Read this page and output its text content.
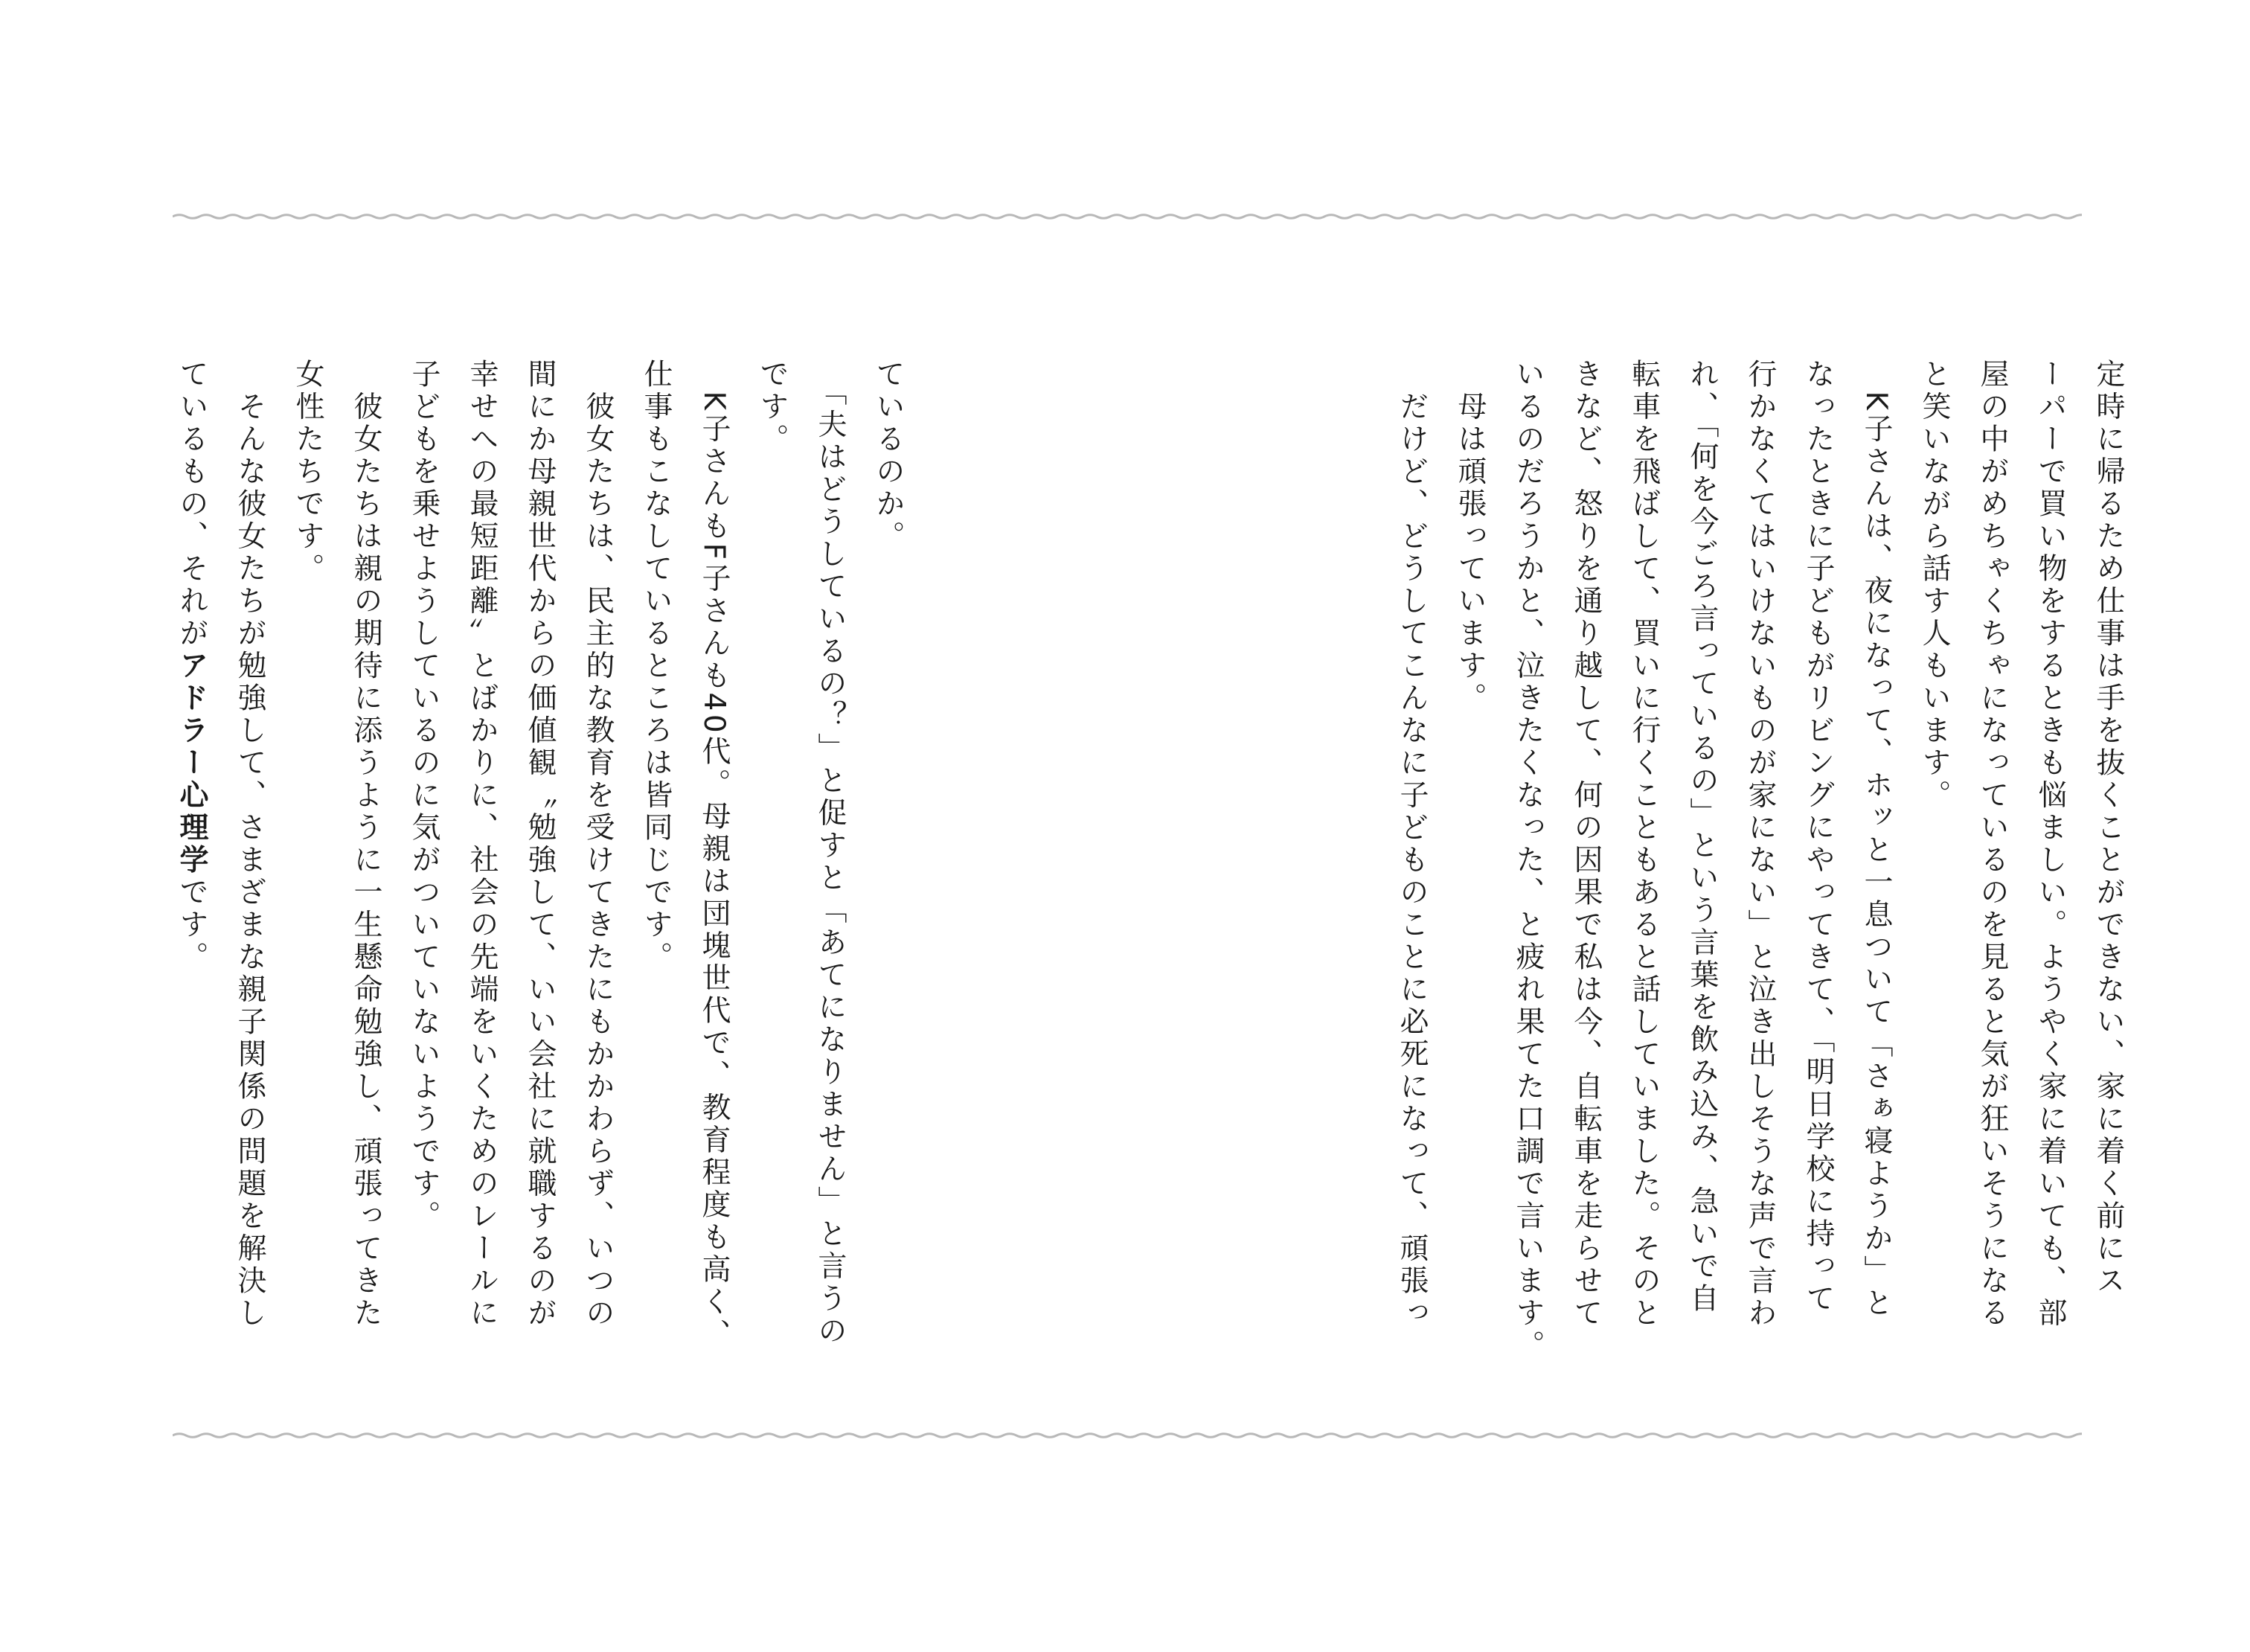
定時に帰るため仕事は手を抜くことができない、家に着く前にス

ーパーで買い物をするときも悩ましい。ようやく家に着いても、部

屋の中がめちゃくちゃになっているのを見ると気が狂いそうになる

と笑いながら話す人もいます。

　K子さんは、夜になって、ホッと一息ついて「さぁ寝ようか」と

なったときに子どもがリビングにやってきて、「明日学校に持って

行かなくてはいけないものが家にない」と泣き出しそうな声で言わ

れ、「何を今ごろ言っているの」という言葉を飲み込み、急いで自

転車を飛ばして、買いに行くこともあると話していました。そのと

きなど、怒りを通り越して、何の因果で私は今、自転車を走らせて

いるのだろうかと、泣きたくなった、と疲れ果てた口調で言います。

　母は頑張っています。

　だけど、どうしてこんなに子どものことに必死になって、頑張っ

ているのか。

　「夫はどうしているの？」と促すと「あてになりません」と言うの

です。

　K子さんもF子さんも40代。母親は団塊世代で、教育程度も高く、

仕事もこなしているところは皆同じです。

　彼女たちは、民主的な教育を受けてきたにもかかわらず、いつの

間にか母親世代からの価値観〝勉強して、いい会社に就職するのが

幸せへの最短距離〟とばかりに、社会の先端をいくためのレールに

子どもを乗せようしているのに気がついていないようです。

　彼女たちは親の期待に添うように一生懸命勉強し、頑張ってきた

女性たちです。

　そんな彼女たちが勉強して、さまざまな親子関係の問題を解決し

ているもの、それがアドラー心理学です。
